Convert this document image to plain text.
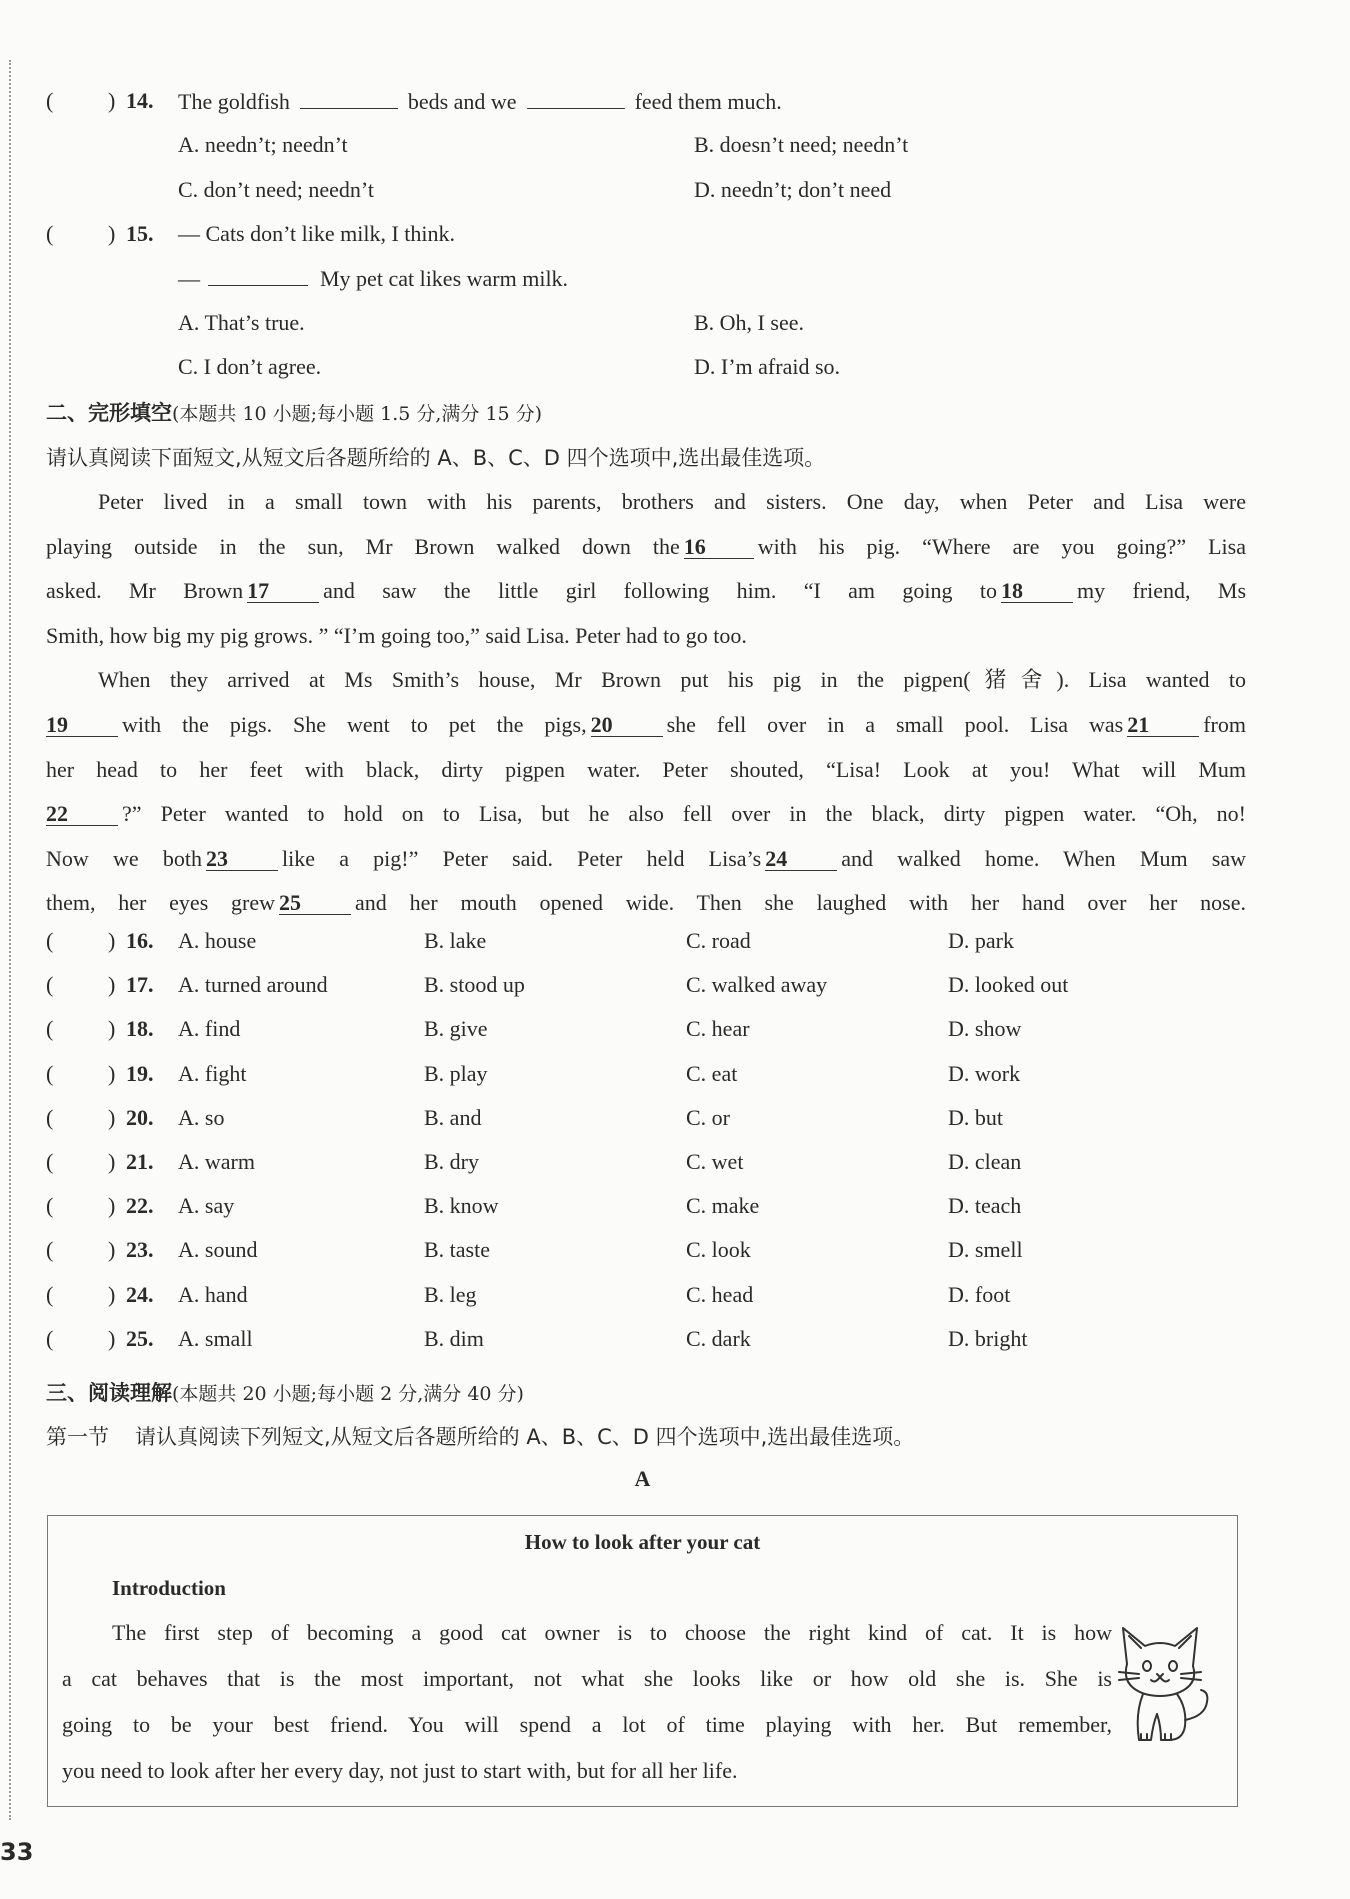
( ) 14. The goldfish	beds and we	feed them much.
A. needn’t; needn’t	B. doesn’t need; needn’t
C. don’t need; needn’t	D. needn’t; don’t need
( ) 15. — Cats don’t like milk, I think.
—	My pet cat likes warm milk.
A. That’s true.	B. Oh, I see.
C. I don’t agree.	D. I’m afraid so.
二、完形填空(本题共 10 小题;每小题 1.5 分,满分 15 分)
请认真阅读下面短文,从短文后各题所给的 A、B、C、D 四个选项中,选出最佳选项。
Peter lived in a small town with his parents, brothers and sisters. One day, when Peter and Lisa were
playing outside in the sun, Mr Brown walked down the 16 with his pig. “Where are you going?” Lisa
asked. Mr Brown 17 and saw the little girl following him. “I am going to 18 my friend, Ms
Smith, how big my pig grows. ” “I’m going too,” said Lisa. Peter had to go too.
When they arrived at Ms Smith’s house, Mr Brown put his pig in the pigpen(猪舍). Lisa wanted to
19 with the pigs. She went to pet the pigs, 20 she fell over in a small pool. Lisa was 21 from
her head to her feet with black, dirty pigpen water. Peter shouted, “Lisa! Look at you! What will Mum
22 ?” Peter wanted to hold on to Lisa, but he also fell over in the black, dirty pigpen water. “Oh, no!
Now we both 23 like a pig!” Peter said. Peter held Lisa’s 24 and walked home. When Mum saw
them, her eyes grew 25 and her mouth opened wide. Then she laughed with her hand over her nose.
( ) 16. A. house	B. lake	C. road	D. park
( ) 17. A. turned around	B. stood up	C. walked away	D. looked out
( ) 18. A. find	B. give	C. hear	D. show
( ) 19. A. fight	B. play	C. eat	D. work
( ) 20. A. so	B. and	C. or	D. but
( ) 21. A. warm	B. dry	C. wet	D. clean
( ) 22. A. say	B. know	C. make	D. teach
( ) 23. A. sound	B. taste	C. look	D. smell
( ) 24. A. hand	B. leg	C. head	D. foot
( ) 25. A. small	B. dim	C. dark	D. bright
三、阅读理解(本题共 20 小题;每小题 2 分,满分 40 分)
第一节 请认真阅读下列短文,从短文后各题所给的 A、B、C、D 四个选项中,选出最佳选项。
A
How to look after your cat
Introduction
The first step of becoming a good cat owner is to choose the right kind of cat. It is how
a cat behaves that is the most important, not what she looks like or how old she is. She is
going to be your best friend. You will spend a lot of time playing with her. But remember,
you need to look after her every day, not just to start with, but for all her life.
33
